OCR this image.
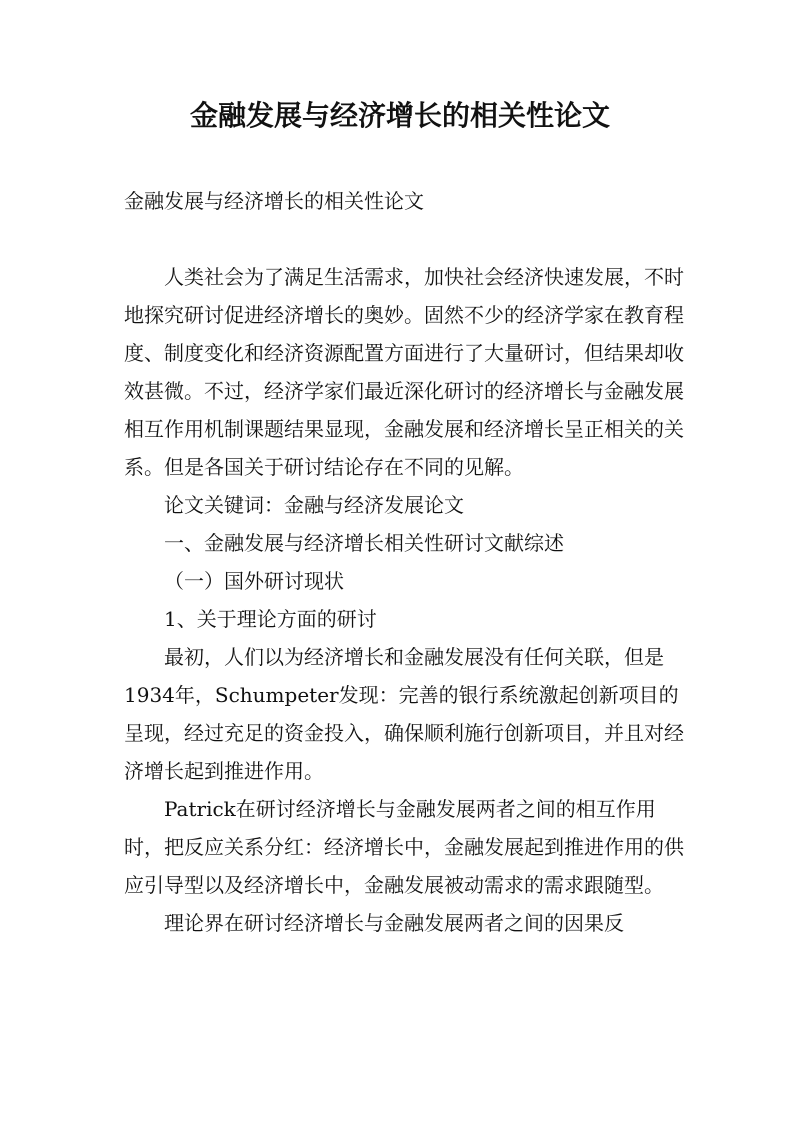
金融发展与经济增长的相关性论文
金融发展与经济增长的相关性论文

人类社会为了满足生活需求，加快社会经济快速发展，不时地探究研讨促进经济增长的奥妙。固然不少的经济学家在教育程度、制度变化和经济资源配置方面进行了大量研讨，但结果却收效甚微。不过，经济学家们最近深化研讨的经济增长与金融发展相互作用机制课题结果显现，金融发展和经济增长呈正相关的关系。但是各国关于研讨结论存在不同的见解。

论文关键词：金融与经济发展论文

一、金融发展与经济增长相关性研讨文献综述

（一）国外研讨现状

1、关于理论方面的研讨

最初，人们以为经济增长和金融发展没有任何关联，但是1934年，Schumpeter发现：完善的银行系统激起创新项目的呈现，经过充足的资金投入，确保顺利施行创新项目，并且对经济增长起到推进作用。

Patrick在研讨经济增长与金融发展两者之间的相互作用时，把反应关系分红：经济增长中，金融发展起到推进作用的供应引导型以及经济增长中，金融发展被动需求的需求跟随型。

理论界在研讨经济增长与金融发展两者之间的因果反
